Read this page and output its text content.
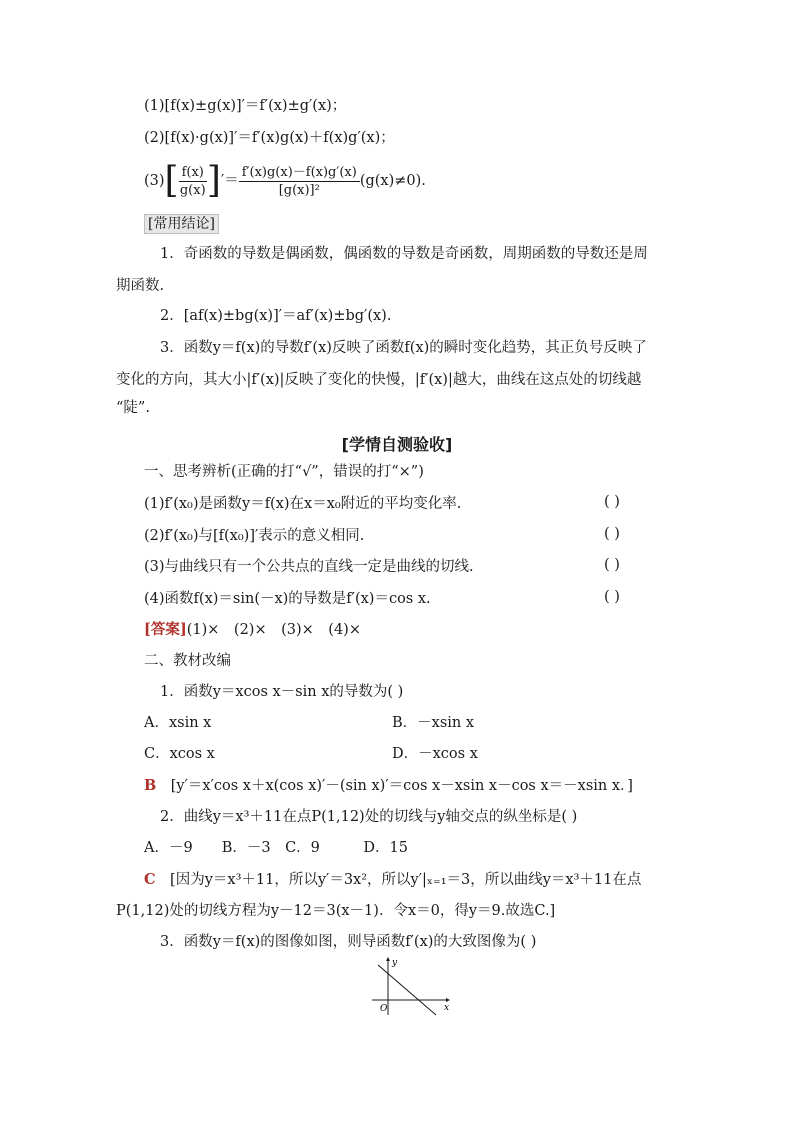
(1)[f(x)±g(x)]′＝f′(x)±g′(x)；
(2)[f(x)·g(x)]′＝f′(x)g(x)＋f(x)g′(x)；
$(3)[ \frac{f(x)}{g(x)}$ ]′＝ $\frac{f'(x)g(x)-f(x)g'(x)}{\text{[g(x)]²}} (g(x)\ne 0)$.
[常用结论]
1．奇函数的导数是偶函数，偶函数的导数是奇函数，周期函数的导数还是周
期函数.
2．[af(x)±bg(x)]′＝af′(x)±bg′(x).
3．函数y＝f(x)的导数f′(x)反映了函数f(x)的瞬时变化趋势，其正负号反映了
变化的方向，其大小|f′(x)|反映了变化的快慢，|f′(x)|越大，曲线在这点处的切线越
“陡”.
[学情自测验收]
一、思考辨析(正确的打“√”，错误的打“×”)
(1)f′(x₀)是函数y＝f(x)在x＝x₀附近的平均变化率.	( )
(2)f′(x₀)与[f(x₀)]′表示的意义相同.	( )
(3)与曲线只有一个公共点的直线一定是曲线的切线.	( )
(4)函数f(x)＝sin(－x)的导数是f′(x)＝cos x.	( )
[答案](1)×　(2)×　(3)×　(4)×
二、教材改编
1．函数y＝xcos x－sin x的导数为( )
A．xsin x	B．－xsin x
C．xcos x	D．－xcos x
B　 [y′＝x′cos x＋x(cos x)′－(sin x)′＝cos x－xsin x－cos x＝－xsin x．]
2．曲线y＝x³＋11在点P(1,12)处的切线与y轴交点的纵坐标是( )
A．－9　　B．－3　C．9　　　D．15
C　 [因为y＝x³＋11，所以y′＝3x²，所以y′|ₓ₌₁＝3，所以曲线y＝x³＋11在点
P(1,12)处的切线方程为y－12＝3(x－1)．令x＝0，得y＝9.故选C.]
3．函数y＝f(x)的图像如图，则导函数f′(x)的大致图像为( )
y
x
O
